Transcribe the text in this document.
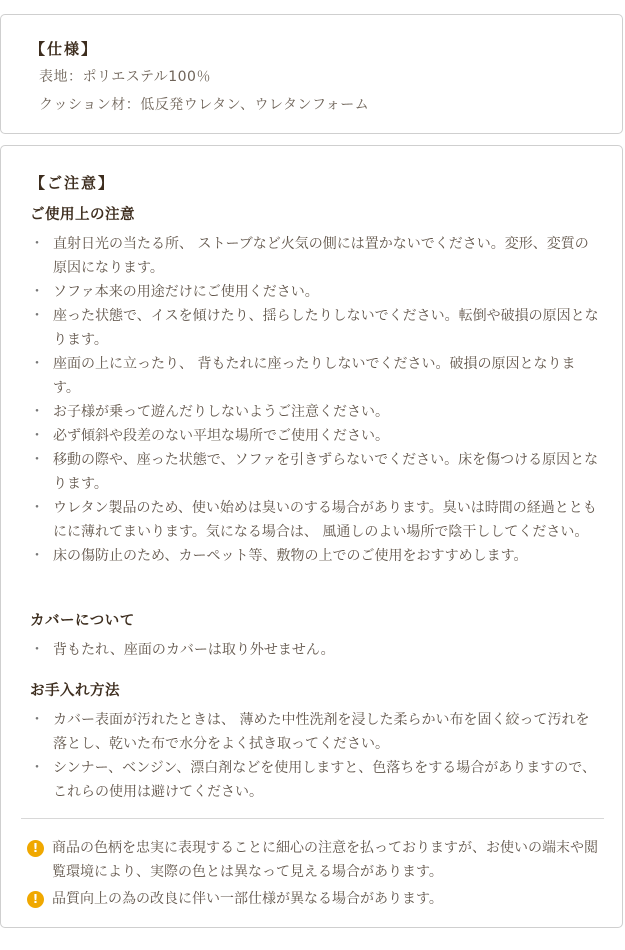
【仕様】
表地：ポリエステル100％
クッション材：低反発ウレタン、ウレタンフォーム
【ご注意】
ご使用上の注意
・ 直射日光の当たる所、 ストーブなど火気の側には置かないでください。変形、変質の原因になります。
・ ソファ本来の用途だけにご使用ください。
・ 座った状態で、イスを傾けたり、揺らしたりしないでください。転倒や破損の原因となります。
・ 座面の上に立ったり、 背もたれに座ったりしないでください。破損の原因となります。
・ お子様が乗って遊んだりしないようご注意ください。
・ 必ず傾斜や段差のない平坦な場所でご使用ください。
・ 移動の際や、座った状態で、ソファを引きずらないでください。床を傷つける原因となります。
・ ウレタン製品のため、使い始めは臭いのする場合があります。臭いは時間の経過とともにに薄れてまいります。気になる場合は、 風通しのよい場所で陰干ししてください。
・ 床の傷防止のため、カーペット等、敷物の上でのご使用をおすすめします。
カバーについて
・ 背もたれ、座面のカバーは取り外せません。
お手入れ方法
・ カバー表面が汚れたときは、 薄めた中性洗剤を浸した柔らかい布を固く絞って汚れを落とし、乾いた布で水分をよく拭き取ってください。
・ シンナー、ベンジン、漂白剤などを使用しますと、色落ちをする場合がありますので、これらの使用は避けてください。
! 商品の色柄を忠実に表現することに細心の注意を払っておりますが、お使いの端末や閲覧環境により、実際の色とは異なって見える場合があります。
! 品質向上の為の改良に伴い一部仕様が異なる場合があります。
